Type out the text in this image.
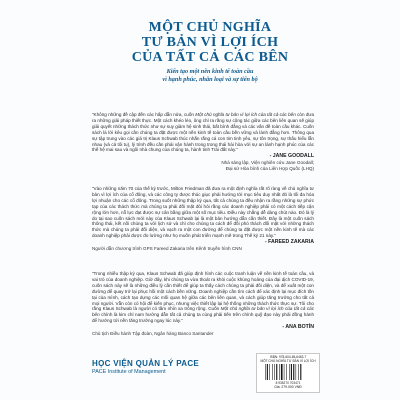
MỘT CHỦ NGHĨA
TƯ BẢN VÌ LỢI ÍCH
CỦA TẤT CẢ CÁC BÊN
Kiến tạo một nền kinh tế toàn cầu
vì hạnh phúc, nhân loại và sự tiến bộ
“Không những đề cập đến các hấp dẫn nửa, cuốn Một chủ nghĩa tư bản vì lợi ích của tất cả các bên còn đưa ra những giải pháp thiết thực. Một cách khéo léo, ông chỉ ra rằng sự cộng tác giữa các bên liên quan sẽ giúp giải quyết những thách thức như sự suy giảm hệ sinh thái, bất bình đẳng và các vấn đề toàn cầu khác. Cuốn sách là lời kêu gọi cần chúng ta đặt được một nền kinh tế toàn cầu bền vững và lành đẳng hơn. Thông qua sự tập trung vào các giá trị Klaus Schwab thúc nhắn rằng cá con tim tinh yêu, sự tôn trọng, sự thấu hiểu lẫn nhau (và cả tôi tu), lý trình đều cần phải vận hành trong trong thái hài hòa với sự an lành hạnh phúc của các thế hệ mai sau và ngôi nhà chung của chúng ta, hành tinh Trái đất này.”
- JANE GOODALL
Nhà sáng lập, Viện nghiên cứu Jane Goodall;
Đại sứ Hòa bình của Liên Hợp Quốc (LHQ)
“Vào những năm 70 của thế kỷ trước, Milton Friedman đã đưa ra một định nghĩa rất rõ ràng về chủ nghĩa tư bản vì lợi ích của cổ đông, và các công ty được thúc giục phải hướng tới mục tiêu duy nhất đó là tối đa hóa lợi nhuận cho các cổ đông. Trong suốt những thập kỷ qua, tất cả chúng ta đều nhận ra rằng những sự phức tạp của các thách thức mà chúng ta phải đối mặt đòi hỏi rằng các doanh nghiệp phải có một cách tiếp cận rộng lớn hơn, nỗ lực đạt được sự cân bằng giữa một số mục tiêu. Điều này chẳng dễ dàng chút nào. Đó là lý do tại sao cuốn sách mới này của Klaus Schwab lại là một bản hướng dẫn cần thiết. Đây là một cuốn sách thông thái, kết nối chúng ta với lịch sử và chỉ cho chúng ta cách để đối phó thách đối mặt với những thách thức mà chúng ta phải đối diện, và vạch ra một con đường để chúng ta đặt được một nền kinh tế mà các doanh nghiệp phải được đo lường như họ muốn phát triển mạnh mẽ trong Thế kỷ 21 này.”
- FAREED ZAKARIA
Người dẫn chương trình GPS Fareed Zakaria trên Kênh truyền hình CNN
“Trong nhiều thập kỷ qua, Klaus Schwab đã giúp định hình các cuộc tranh luận về nền kinh tế toàn cầu, và vai trò của doanh nghiệp. Giờ đây, khi chúng ta vừa thoát ra khỏi cuộc khủng hoảng của đại dịch COVID-19, cuốn sách này sẽ là những điều lý cần thiết để giúp ta thấy cách chúng ta phải đối diện, và để xuất một con đường để quay trở lại phục hồi một cách bền vững. Doanh nghiệp cần tìm cách để xác định lại mục đích tồn tại của mình, cách tạo dựng các mối quan hệ giữa các bên liên quan, và cách giúp tăng trưởng cho tất cả mọi người. Vẫn còn có hội để kiến phục, nhưng việc thiết lập lại hệ thống những thách thức thực sự. Tôi cho rằng Klaus Schwab là người có tầm nhìn xa trông rộng. Cuốn Một chủ nghĩa tư bản vì lợi ích của tất cả các bên chính là kim chỉ nam hướng dẫn tất cả chúng ta cùng phải tiến trên chính quỹ đạo này phải đồng hành để hướng tới nền tăng trưởng ngay lúc này.”
- ANA BOTÍN
Chủ tịch Điều hành Tập đoàn, Ngân hàng Banco Santander
HỌC VIỆN QUẢN LÝ PACE
PACE Institute of Management
ISBN: 978-604-65-6463-7
MỘT CHỦ NGHĨA TƯ BẢN VÌ LỢI ÍCH
8 935270 703471
Giá: 279.000 VNĐ
